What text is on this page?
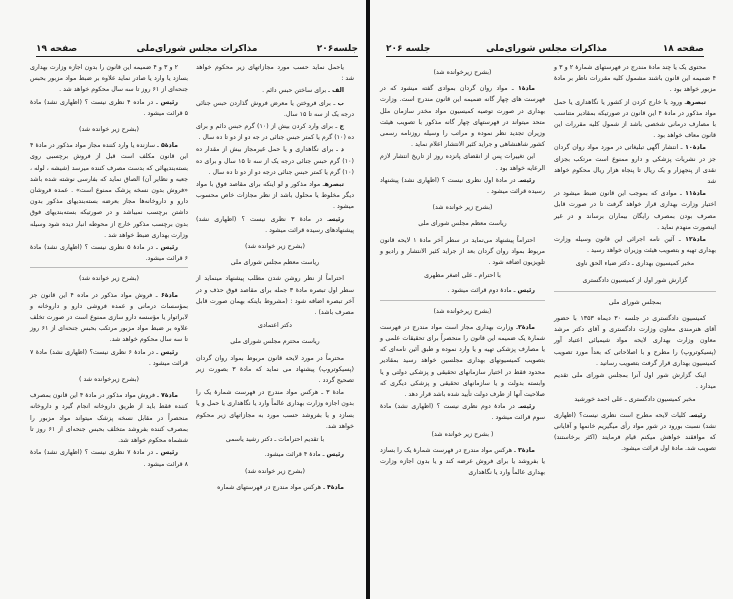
جلسه۲۰۶
مذاکرات مجلس شورای‌ملی
صفحه ۱۹
یاحمل نماید حسب مورد مجازاتهای زیر محکوم خواهد شد :
الف ـ برای ساختن حبس دائم .
ب ـ برای فروختن یا معرض فروش گذاردن حبس جنائی درجه یک از سه تا ۱۵ سال.
ج ـ برای وارد کردن بیش از (۱۰) گرم حبس دائم و برای ده (۱۰) گرم یا کمتر حبس جنائی در جه دو از دو تا ده سال .
د ـ برای نگاهداری و یا حمل غیرمجاز بیش از مقدار ده (۱۰) گرم حبس جنائی درجه یک از سه تا ۱۵ سال و برای ده (۱۰) گرم یا کمتر حبس جنائی درجه دو از دو تا ده سال .
تبصرهـ مواد مذکور و لو اینکه برای مقاصد فوق با مواد دیگر مخلوط یا محلول باشد از نظر مجازات خاص محسوب میشود .
رئیسـ در مادهٔ ۳ نظری نیست ؟ (اظهاری نشد) پیشنهادهای رسیده قرائت میشود .
(بشرح زیر خوانده شد)
ریاست معظم مجلس شورای ملی
احتراماً از نظر روشن شدن مطلب پیشنهاد مینماید از سطر اول تبصره مادهٔ ۳ جمله برای مقاصد فوق حذف و در آخر تبصره اضافه شود : (مشروط باینکه بهمان صورت قابل مصرف باشد) .
دکتر اعتمادی
ریاست محترم مجلس شورای ملی
محترماً در مورد لایحه قانون مربوط بمواد روان گردان (پسیکوتروپ) پیشنهاد می نماید که مادهٔ ۳ بصورت زیر تصحیح گردد .
مادهٔ ۳ ـ هرکس مواد مندرج در فهرست شمارهٔ یک را بدون اجازه وزارت بهداری عالماً وارد یا نگاهداری یا حمل و یا بسازد و یا بفروشد حسب مورد به مجازاتهای زیر محکوم خواهد شد.
با تقدیم احترامات ـ دکتر رشید یاسمی
رئیس ـ مادهٔ ۴ قرائت میشود.
(بشرح زیر خوانده شد)
مادهٔ۴ ـ هرکس مواد مندرج در فهرستهای شماره
۲ و ۳ و ۴ ضمیمه این قانون را بدون اجازه وزارت بهداری بسازد یا وارد یا صادر نماید علاوه بر ضبط مواد مزبور بحبس جنحه‌ای از ۶۱ روز تا سه سال محکوم خواهد شد .
رئیس ـ در ماده ۴ نظری نیست ؟ (اظهاری نشد) مادهٔ ۵ قرائت میشود .
(بشرح زیر خوانده شد)
مادهٔ۵ ـ سازنده یا وارد کننده مجاز مواد مذکور در مادهٔ ۴ این قانون مکلف است قبل از فروش برچسبی روی بسته‌بندیهائی که بدست مصرف کننده میرسد (شیشه ، لوله ، جعبه و نظایر آن) الصاق نماید که بفارسی نوشته شده باشد «فروش بدون نسخه پزشک ممنوع است» . عمده فروشان دارو و داروخانه‌ها مجاز بعرضه بسته‌بندیهای مذکور بدون داشتن برچسب نمیباشد و در صورتیکه بسته‌بندیهای فوق بدون برچسب مذکور خارج از محوطه انبار دیده شود وسیله وزارت بهداری ضبط خواهد شد .
رئیس ـ در مادهٔ ۵ نظری نیست ؟ (اظهاری نشد) مادهٔ ۶ قرائت میشود.
(بشرح زیر خوانده شد)
مادهٔ۶ ـ فروش مواد مذکور در ماده ۴ این قانون جز بمؤسسات درمانی و عمده فروشی دارو و داروخانه و لابراتوار یا مؤسسه دارو سازی ممنوع است در صورت تخلف علاوه بر ضبط مواد مزبور مرتکب بحبس جنحه‌ای از ۶۱ روز تا سه سال محکوم خواهد شد.
رئیس ـ در مادهٔ ۶ نظری نیست؟ (اظهاری نشد) مادهٔ ۷ قرائت میشود .
(بشرح زیرخوانده شد )
مادهٔ۷ ـ فروش مواد مذکور در مادهٔ ۴ این قانون بمصرف کننده فقط باید از طریق داروخانه انجام گیرد و داروخانه منحصراً در مقابل نسخه پزشک میتواند مواد مزبور را بمصرف کننده بفروشد متخلف بحبس جنحه‌ای از ۶۱ روز تا ششماه محکوم خواهد شد.
رئیس ـ در مادهٔ ۷ نظری نیست ؟ (اظهاری نشد) مادهٔ ۸ قرائت میشود .
صفحه ۱۸
مذاکرات مجلس شورای‌ملی
جلسه ۲۰۶
محتوی یک یا چند مادهٔ مندرج در فهرستهای شمارهٔ ۲ و ۳ و ۴ ضمیمه این قانون باشند مشمول کلیه مقررات ناظر بر مادهٔ مزبور خواهد بود .
تبصرهـ ورود یا خارج کردن از کشور یا نگاهداری یا حمل مواد مذکور در مادهٔ ۴ این قانون در صورتیکه بمقادیر متناسب با مصارف درمانی شخصی باشد از شمول کلیه مقررات این قانون معاف خواهد بود .
مادهٔ۱۰ ـ انتشار آگهی تبلیغاتی در مورد مواد روان گردان جز در نشریات پزشکی و دارو ممنوع است مرتکب بجزای نقدی از پنجهزار و یک ریال تا پنجاه هزار ریال محکوم خواهد شد
مادهٔ۱۱ ـ موادی که بموجب این قانون ضبط میشود در اختیار وزارت بهداری قرار خواهد گرفت تا در صورت قابل مصرف بودن بمصرف رایگان بیماران برساند و در غیر اینصورت منهدم نماید .
مادهٔ۱۲ ـ آئین نامه اجرائی این قانون وسیله وزارت بهداری تهیه و بتصویب هیئت وزیران خواهد رسید .
مخبر کمیسیون بهداری ـ دکتر ضیاء الحق ناوی
گزارش شور اول از کمیسیون دادگستری
بمجلس شورای ملی
کمیسیون دادگستری در جلسه ۳۰ دیماه ۱۳۵۳ با حضور آقای هنرمندی معاون وزارت دادگستری و آقای دکتر مرشد معاون وزارت بهداری لایحه مواد شیمیائی اعتیاد آور (پسیکوتروپ) را مطرح و با اصلاحاتی که بعداً مورد تصویب کمیسیون بهداری قرار گرفت بتصویب رسانید .
اینک گزارش شور اول آنرا بمجلس شورای ملی تقدیم میدارد .
مخبر کمیسیون دادگستری ـ علی احمد خورشید
رئیسـ کلیات لایحه مطرح است نظری نیست؟ (اظهاری نشد) نسبت بورود در شور مواد رأی میگیریم خانمها و آقایانی که موافقند خواهش میکنم قیام فرمایند (اکثر برخاستند) تصویب شد. مادهٔ اول قرائت میشود.
(بشرح زیرخوانده شد)
مادهٔ۱ ـ مواد روان گردان بموادی گفته میشود که در فهرست های چهار گانه ضمیمه این قانون مندرج است. وزارت بهداری در صورت توصیه کمیسیون مواد مخدر سازمان ملل متحد میتواند در فهرستهای چهار گانه مذکور با تصویب هیئت وزیران تجدید نظر نموده و مراتب را وسیله روزنامه رسمی کشور شاهنشاهی و جراید کثیر الانتشار اعلام نماید .
این تغییرات پس از انقضای پانزده روز از تاریخ انتشار لازم الرعایه خواهد بود .
رئیسـ در مادهٔ اول نظری نیست ؟ (اظهاری نشد) پیشنهاد رسیده قرائت میشود .
(بشرح زیر خوانده شد)
ریاست معظم مجلس شورای ملی
احتراماً پیشنهاد می‌نماید در سطر آخر مادهٔ ۱ لایحه قانون مربوط بمواد روان گردان بعد از جراید کثیر الانتشار و رادیو و تلویزیون اضافه شود .
با احترام ـ علی اصغر مطهری
رئیس ـ مادهٔ دوم قرائت میشود .
(بشرح زیرخوانده شد)
مادهٔ۲ـ وزارت بهداری مجاز است مواد مندرج در فهرست شمارهٔ یک ضمیمه این قانون را منحصراً برای تحقیقات علمی و یا مصارف پزشکی تهیه و یا وارد نموده و طبق آئین نامه‌ای که بتصویب کمیسیونهای بهداری مجلسین خواهد رسید بمقادیر محدود فقط در اختیار سازمانهای تحقیقی و پزشکی دولتی و یا وابسته بدولت و یا سازمانهای تحقیقی و پزشکی دیگری که صلاحیت آنها از طرف دولت تأیید شده باشد قرار دهد .
رئیسـ در مادهٔ دوم نظری نیست ؟ (اظهاری نشد) مادهٔ سوم قرائت میشود .
( بشرح زیر خوانده شد)
مادهٔ۳ ـ هرکس مواد مندرج در فهرست شمارهٔ یک را بسازد یا بفروشد یا برای فروش عرضه کند و یا بدون اجازه وزارت بهداری عالماً وارد یا نگاهداری
